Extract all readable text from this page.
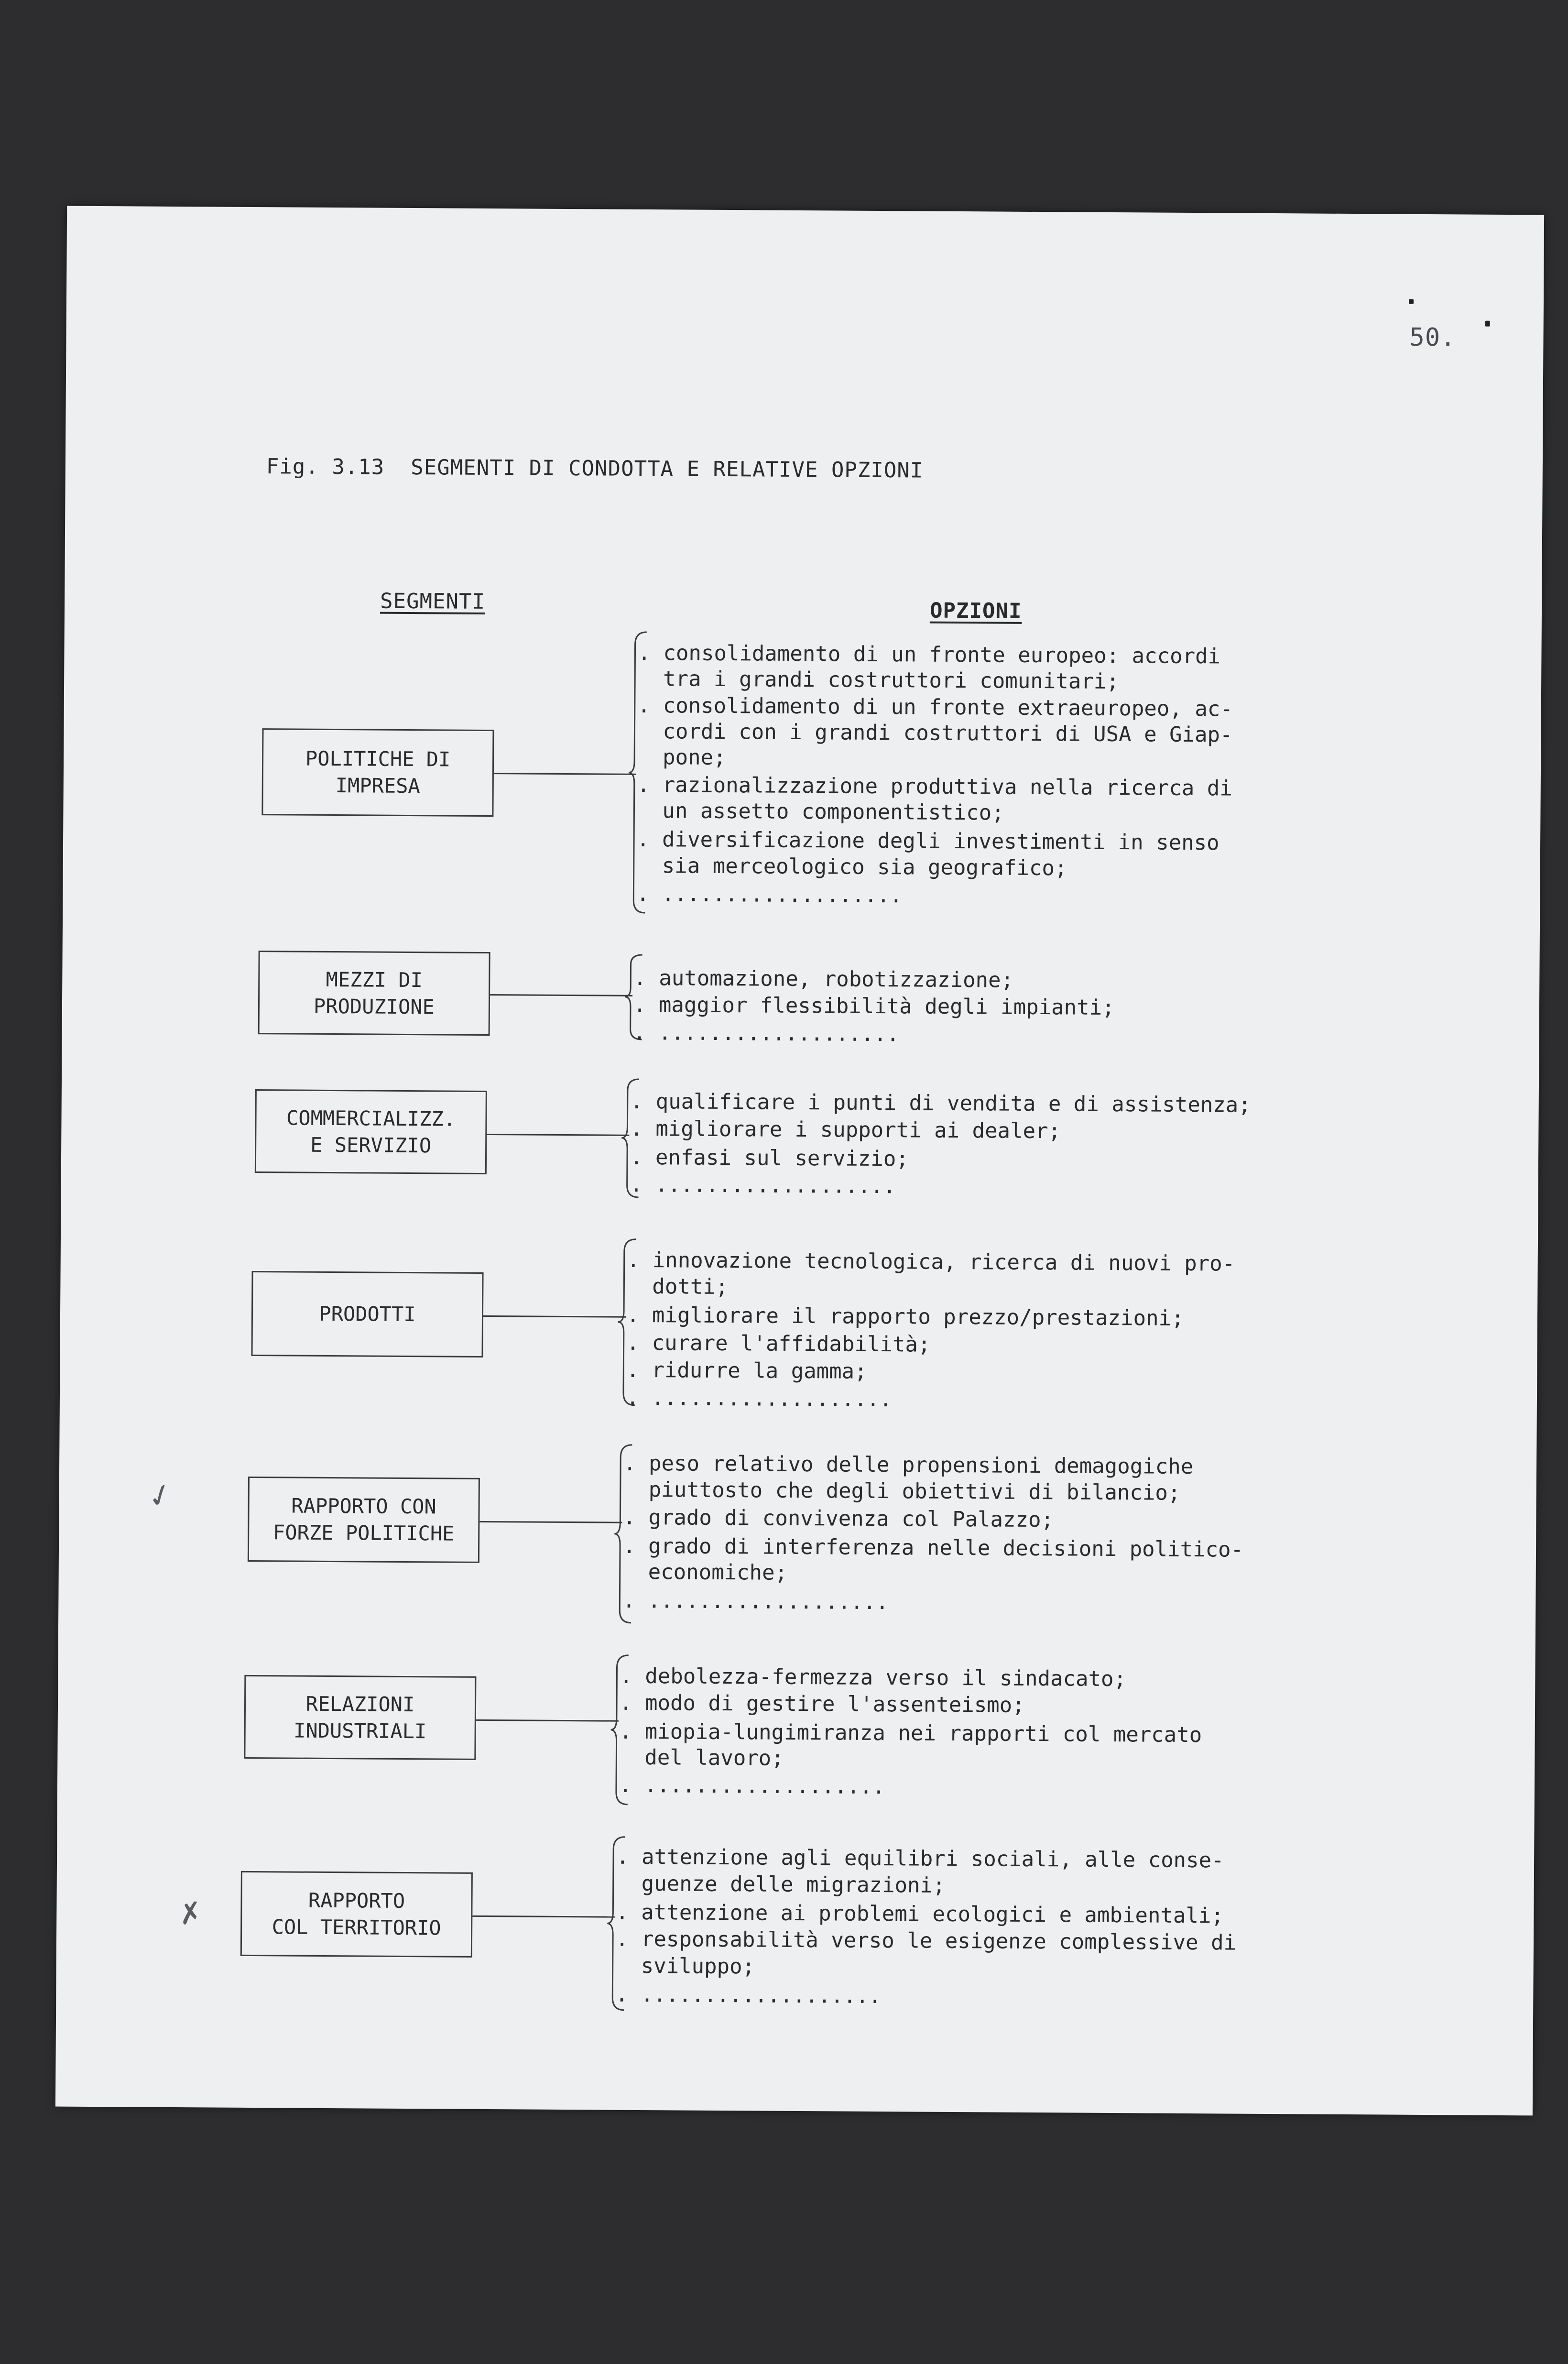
50.
Fig. 3.13  SEGMENTI DI CONDOTTA E RELATIVE OPZIONI
SEGMENTI	OPZIONI
POLITICHE DI
IMPRESA
. consolidamento di un fronte europeo: accordi
tra i grandi costruttori comunitari;
. consolidamento di un fronte extraeuropeo, ac-
cordi con i grandi costruttori di USA e Giap-
pone;
. razionalizzazione produttiva nella ricerca di
un assetto componentistico;
. diversificazione degli investimenti in senso
sia merceologico sia geografico;
. ...................
MEZZI DI
PRODUZIONE
. automazione, robotizzazione;
. maggior flessibilità degli impianti;
. ...................
COMMERCIALIZZ.
E SERVIZIO
. qualificare i punti di vendita e di assistenza;
. migliorare i supporti ai dealer;
. enfasi sul servizio;
. ...................
PRODOTTI
. innovazione tecnologica, ricerca di nuovi pro-
dotti;
. migliorare il rapporto prezzo/prestazioni;
. curare l'affidabilità;
. ridurre la gamma;
. ...................
RAPPORTO CON
FORZE POLITICHE
. peso relativo delle propensioni demagogiche
piuttosto che degli obiettivi di bilancio;
. grado di convivenza col Palazzo;
. grado di interferenza nelle decisioni politico-
economiche;
. ...................
RELAZIONI
INDUSTRIALI
. debolezza-fermezza verso il sindacato;
. modo di gestire l'assenteismo;
. miopia-lungimiranza nei rapporti col mercato
del lavoro;
. ...................
RAPPORTO
COL TERRITORIO
. attenzione agli equilibri sociali, alle conse-
guenze delle migrazioni;
. attenzione ai problemi ecologici e ambientali;
. responsabilità verso le esigenze complessive di
sviluppo;
. ...................
✓
✗
